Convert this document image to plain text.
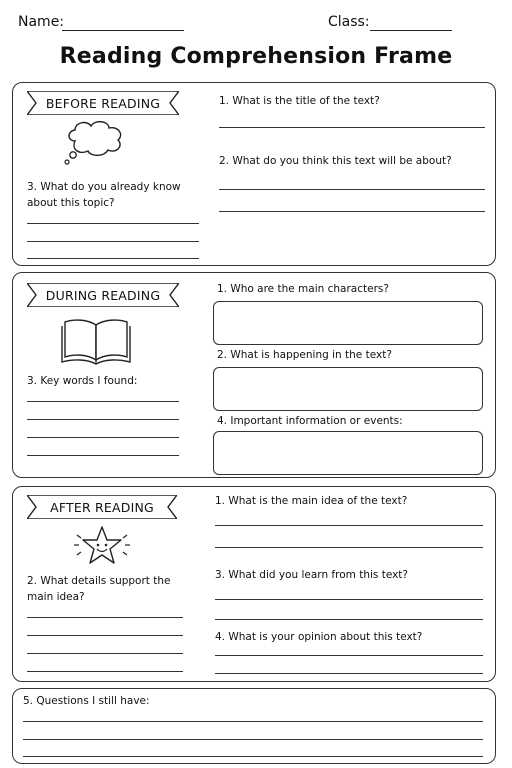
Name:	Class:
Reading Comprehension Frame
BEFORE READING
3. What do you already know about this topic?
1. What is the title of the text?
2. What do you think this text will be about?
DURING READING
3. Key words I found:
1. Who are the main characters?
2. What is happening in the text?
4. Important information or events:
AFTER READING
2. What details support the main idea?
1. What is the main idea of the text?
3. What did you learn from this text?
4. What is your opinion about this text?
5. Questions I still have:
